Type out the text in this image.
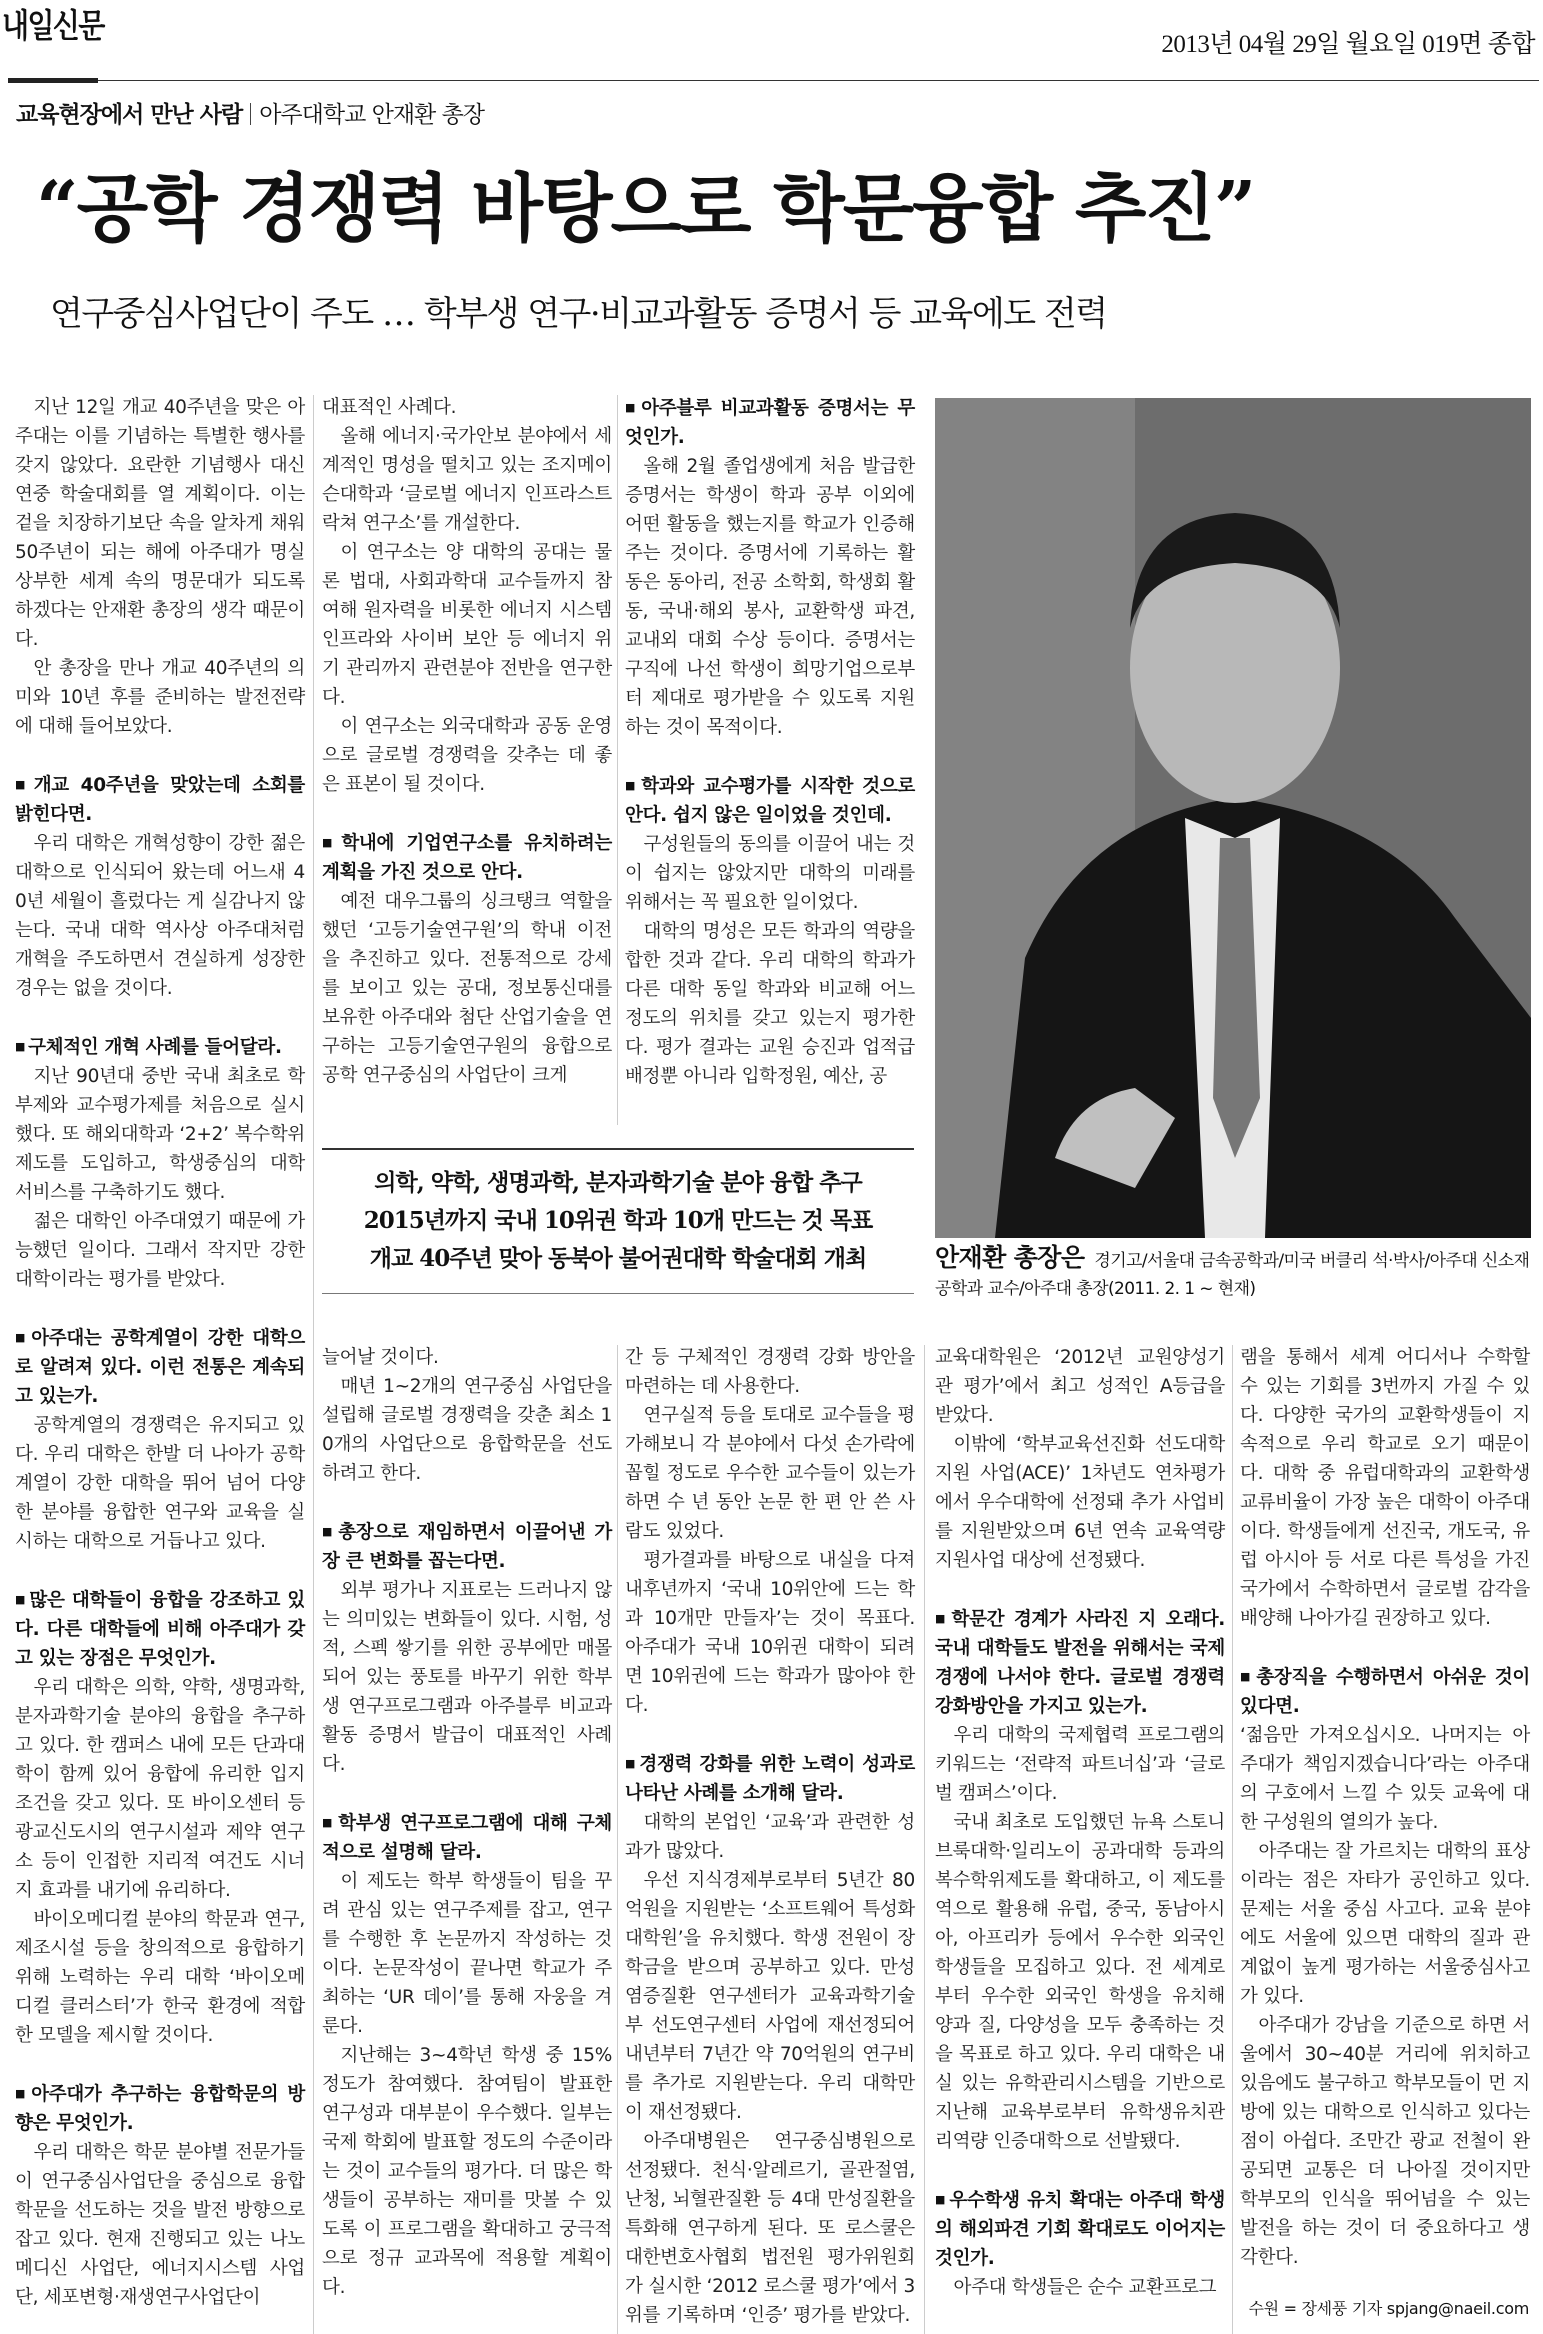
내일신문	2013년 04월 29일 월요일 019면 종합
교육현장에서 만난 사람 아주대학교 안재환 총장
“공학 경쟁력 바탕으로 학문융합 추진”
연구중심사업단이 주도 … 학부생 연구·비교과활동 증명서 등 교육에도 전력

지난 12일 개교 40주년을 맞은 아주대는 이를 기념하는 특별한 행사를 갖지 않았다. 요란한 기념행사 대신 연중 학술대회를 열 계획이다. 이는 겉을 치장하기보단 속을 알차게 채워 50주년이 되는 해에 아주대가 명실상부한 세계 속의 명문대가 되도록 하겠다는 안재환 총장의 생각 때문이다.

안 총장을 만나 개교 40주년의 의미와 10년 후를 준비하는 발전전략에 대해 들어보았다.

■ 개교 40주년을 맞았는데 소회를 밝힌다면.

우리 대학은 개혁성향이 강한 젊은 대학으로 인식되어 왔는데 어느새 40년 세월이 흘렀다는 게 실감나지 않는다. 국내 대학 역사상 아주대처럼 개혁을 주도하면서 견실하게 성장한 경우는 없을 것이다.

■ 구체적인 개혁 사례를 들어달라.

지난 90년대 중반 국내 최초로 학부제와 교수평가제를 처음으로 실시했다. 또 해외대학과 ‘2+2’ 복수학위 제도를 도입하고, 학생중심의 대학 서비스를 구축하기도 했다.

젊은 대학인 아주대였기 때문에 가능했던 일이다. 그래서 작지만 강한 대학이라는 평가를 받았다.

■ 아주대는 공학계열이 강한 대학으로 알려져 있다. 이런 전통은 계속되고 있는가.

공학계열의 경쟁력은 유지되고 있다. 우리 대학은 한발 더 나아가 공학계열이 강한 대학을 뛰어 넘어 다양한 분야를 융합한 연구와 교육을 실시하는 대학으로 거듭나고 있다.

■ 많은 대학들이 융합을 강조하고 있다. 다른 대학들에 비해 아주대가 갖고 있는 장점은 무엇인가.

우리 대학은 의학, 약학, 생명과학, 분자과학기술 분야의 융합을 추구하고 있다. 한 캠퍼스 내에 모든 단과대학이 함께 있어 융합에 유리한 입지 조건을 갖고 있다. 또 바이오센터 등 광교신도시의 연구시설과 제약 연구소 등이 인접한 지리적 여건도 시너지 효과를 내기에 유리하다.

바이오메디컬 분야의 학문과 연구, 제조시설 등을 창의적으로 융합하기 위해 노력하는 우리 대학 ‘바이오메디컬 클러스터’가 한국 환경에 적합한 모델을 제시할 것이다.

■ 아주대가 추구하는 융합학문의 방향은 무엇인가.

우리 대학은 학문 분야별 전문가들이 연구중심사업단을 중심으로 융합학문을 선도하는 것을 발전 방향으로 잡고 있다. 현재 진행되고 있는 나노메디신 사업단, 에너지시스템 사업단, 세포변형·재생연구사업단이

대표적인 사례다.

올해 에너지·국가안보 분야에서 세계적인 명성을 떨치고 있는 조지메이슨대학과 ‘글로벌 에너지 인프라스트락쳐 연구소’를 개설한다.

이 연구소는 양 대학의 공대는 물론 법대, 사회과학대 교수들까지 참여해 원자력을 비롯한 에너지 시스템 인프라와 사이버 보안 등 에너지 위기 관리까지 관련분야 전반을 연구한다.

이 연구소는 외국대학과 공동 운영으로 글로벌 경쟁력을 갖추는 데 좋은 표본이 될 것이다.

■ 학내에 기업연구소를 유치하려는 계획을 가진 것으로 안다.

예전 대우그룹의 싱크탱크 역할을 했던 ‘고등기술연구원’의 학내 이전을 추진하고 있다. 전통적으로 강세를 보이고 있는 공대, 정보통신대를 보유한 아주대와 첨단 산업기술을 연구하는 고등기술연구원의 융합으로 공학 연구중심의 사업단이 크게

■ 아주블루 비교과활동 증명서는 무엇인가.

올해 2월 졸업생에게 처음 발급한 증명서는 학생이 학과 공부 이외에 어떤 활동을 했는지를 학교가 인증해주는 것이다. 증명서에 기록하는 활동은 동아리, 전공 소학회, 학생회 활동, 국내·해외 봉사, 교환학생 파견, 교내외 대회 수상 등이다. 증명서는 구직에 나선 학생이 희망기업으로부터 제대로 평가받을 수 있도록 지원하는 것이 목적이다.

■ 학과와 교수평가를 시작한 것으로 안다. 쉽지 않은 일이었을 것인데.

구성원들의 동의를 이끌어 내는 것이 쉽지는 않았지만 대학의 미래를 위해서는 꼭 필요한 일이었다.

대학의 명성은 모든 학과의 역량을 합한 것과 같다. 우리 대학의 학과가 다른 대학 동일 학과와 비교해 어느 정도의 위치를 갖고 있는지 평가한다. 평가 결과는 교원 승진과 업적급 배정뿐 아니라 입학정원, 예산, 공

늘어날 것이다.

매년 1~2개의 연구중심 사업단을 설립해 글로벌 경쟁력을 갖춘 최소 10개의 사업단으로 융합학문을 선도하려고 한다.

■ 총장으로 재임하면서 이끌어낸 가장 큰 변화를 꼽는다면.

외부 평가나 지표로는 드러나지 않는 의미있는 변화들이 있다. 시험, 성적, 스펙 쌓기를 위한 공부에만 매몰되어 있는 풍토를 바꾸기 위한 학부생 연구프로그램과 아주블루 비교과활동 증명서 발급이 대표적인 사례다.

■ 학부생 연구프로그램에 대해 구체적으로 설명해 달라.

이 제도는 학부 학생들이 팀을 꾸려 관심 있는 연구주제를 잡고, 연구를 수행한 후 논문까지 작성하는 것이다. 논문작성이 끝나면 학교가 주최하는 ‘UR 데이’를 통해 자웅을 겨룬다.

지난해는 3~4학년 학생 중 15% 정도가 참여했다. 참여팀이 발표한 연구성과 대부분이 우수했다. 일부는 국제 학회에 발표할 정도의 수준이라는 것이 교수들의 평가다. 더 많은 학생들이 공부하는 재미를 맛볼 수 있도록 이 프로그램을 확대하고 궁극적으로 정규 교과목에 적용할 계획이다.

간 등 구체적인 경쟁력 강화 방안을 마련하는 데 사용한다.

연구실적 등을 토대로 교수들을 평가해보니 각 분야에서 다섯 손가락에 꼽힐 정도로 우수한 교수들이 있는가 하면 수 년 동안 논문 한 편 안 쓴 사람도 있었다.

평가결과를 바탕으로 내실을 다져 내후년까지 ‘국내 10위안에 드는 학과 10개만 만들자’는 것이 목표다. 아주대가 국내 10위권 대학이 되려면 10위권에 드는 학과가 많아야 한다.

■ 경쟁력 강화를 위한 노력이 성과로 나타난 사례를 소개해 달라.

대학의 본업인 ‘교육’과 관련한 성과가 많았다.

우선 지식경제부로부터 5년간 80억원을 지원받는 ‘소프트웨어 특성화 대학원’을 유치했다. 학생 전원이 장학금을 받으며 공부하고 있다. 만성염증질환 연구센터가 교육과학기술부 선도연구센터 사업에 재선정되어 내년부터 7년간 약 70억원의 연구비를 추가로 지원받는다. 우리 대학만이 재선정됐다.

아주대병원은 연구중심병원으로 선정됐다. 천식·알레르기, 골관절염, 난청, 뇌혈관질환 등 4대 만성질환을 특화해 연구하게 된다. 또 로스쿨은 대한변호사협회 법전원 평가위원회가 실시한 ‘2012 로스쿨 평가’에서 3위를 기록하며 ‘인증’ 평가를 받았다.

교육대학원은 ‘2012년 교원양성기관 평가’에서 최고 성적인 A등급을 받았다.

이밖에 ‘학부교육선진화 선도대학 지원 사업(ACE)’ 1차년도 연차평가에서 우수대학에 선정돼 추가 사업비를 지원받았으며 6년 연속 교육역량지원사업 대상에 선정됐다.

■ 학문간 경계가 사라진 지 오래다. 국내 대학들도 발전을 위해서는 국제경쟁에 나서야 한다. 글로벌 경쟁력 강화방안을 가지고 있는가.

우리 대학의 국제협력 프로그램의 키워드는 ‘전략적 파트너십’과 ‘글로벌 캠퍼스’이다.

국내 최초로 도입했던 뉴욕 스토니브룩대학·일리노이 공과대학 등과의 복수학위제도를 확대하고, 이 제도를 역으로 활용해 유럽, 중국, 동남아시아, 아프리카 등에서 우수한 외국인 학생들을 모집하고 있다. 전 세계로부터 우수한 외국인 학생을 유치해 양과 질, 다양성을 모두 충족하는 것을 목표로 하고 있다. 우리 대학은 내실 있는 유학관리시스템을 기반으로 지난해 교육부로부터 유학생유치관리역량 인증대학으로 선발됐다.

■ 우수학생 유치 확대는 아주대 학생의 해외파견 기회 확대로도 이어지는 것인가.

아주대 학생들은 순수 교환프로그

램을 통해서 세계 어디서나 수학할 수 있는 기회를 3번까지 가질 수 있다. 다양한 국가의 교환학생들이 지속적으로 우리 학교로 오기 때문이다. 대학 중 유럽대학과의 교환학생 교류비율이 가장 높은 대학이 아주대이다. 학생들에게 선진국, 개도국, 유럽 아시아 등 서로 다른 특성을 가진 국가에서 수학하면서 글로벌 감각을 배양해 나아가길 권장하고 있다.

■ 총장직을 수행하면서 아쉬운 것이 있다면.

‘젊음만 가져오십시오. 나머지는 아주대가 책임지겠습니다’라는 아주대의 구호에서 느낄 수 있듯 교육에 대한 구성원의 열의가 높다.

아주대는 잘 가르치는 대학의 표상이라는 점은 자타가 공인하고 있다. 문제는 서울 중심 사고다. 교육 분야에도 서울에 있으면 대학의 질과 관계없이 높게 평가하는 서울중심사고가 있다.

아주대가 강남을 기준으로 하면 서울에서 30~40분 거리에 위치하고 있음에도 불구하고 학부모들이 먼 지방에 있는 대학으로 인식하고 있다는 점이 아쉽다. 조만간 광교 전철이 완공되면 교통은 더 나아질 것이지만 학부모의 인식을 뛰어넘을 수 있는 발전을 하는 것이 더 중요하다고 생각한다.

안재환 총장은 경기고/서울대 금속공학과/미국 버클리 석·박사/아주대 신소재공학과 교수/아주대 총장(2011. 2. 1 ~ 현재)
의학, 약학, 생명과학, 분자과학기술 분야 융합 추구
2015년까지 국내 10위권 학과 10개 만드는 것 목표
개교 40주년 맞아 동북아 불어권대학 학술대회 개최
수원 = 장세풍 기자 spjang@naeil.com
